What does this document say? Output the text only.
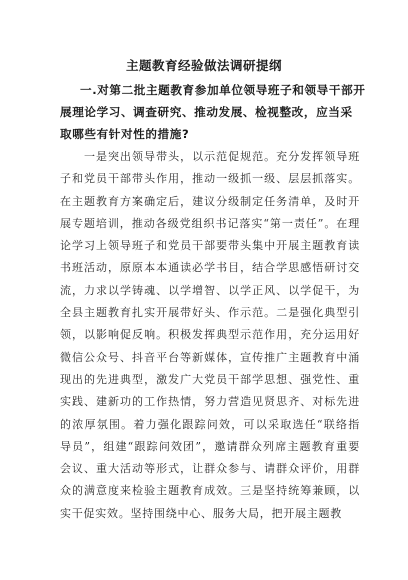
主题教育经验做法调研提纲
一.对第二批主题教育参加单位领导班子和领导干部开
展理论学习、调查研究、推动发展、检视整改，应当采取哪些有针对性的措施?
一是突出领导带头，以示范促规范。充分发挥领导班子和党员干部带头作用，推动一级抓一级、层层抓落实。在主题教育方案确定后，建议分级制定任务清单，及时开展专题培训，推动各级党组织书记落实“第一责任”。在理论学习上领导班子和党员干部要带头集中开展主题教育读书班活动，原原本本通读必学书目，结合学思感悟研讨交流，力求以学铸魂、以学增智、以学正风、以学促干，为全县主题教育扎实开展带好头、作示范。二是强化典型引领，以影响促反响。积极发挥典型示范作用，充分运用好微信公众号、抖音平台等新媒体，宣传推广主题教育中涌现出的先进典型，激发广大党员干部学思想、强党性、重实践、建新功的工作热情，努力营造见贤思齐、对标先进的浓厚氛围。着力强化跟踪问效，可以采取选任“联络指导员”，组建“跟踪问效团”，邀请群众列席主题教育重要会议、重大活动等形式，让群众参与、请群众评价，用群众的满意度来检验主题教育成效。三是坚持统筹兼顾，以实干促实效。坚持围绕中心、服务大局，把开展主题教
